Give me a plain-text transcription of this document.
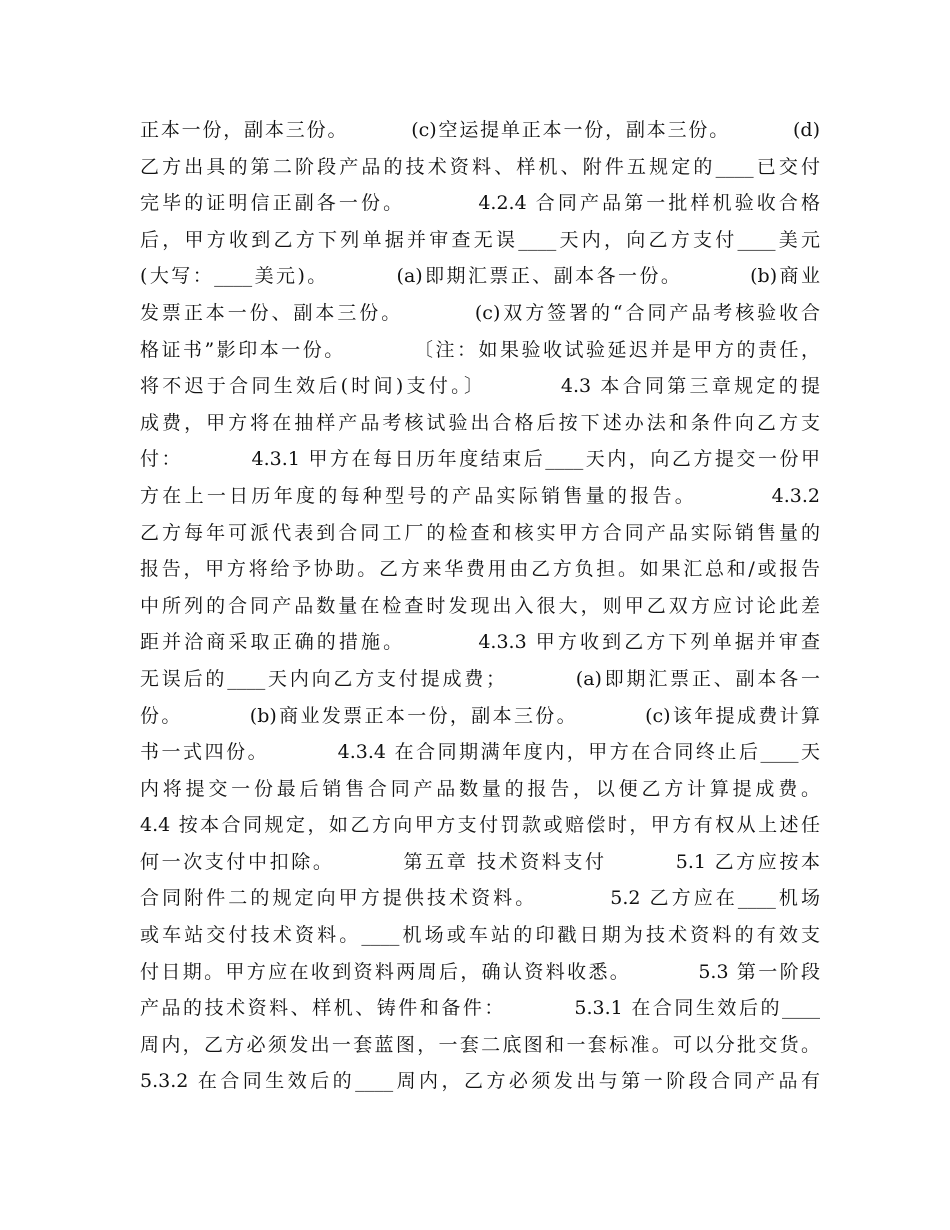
正本一份，副本三份。        (c)空运提单正本一份，副本三份。        (d)
乙方出具的第二阶段产品的技术资料、样机、附件五规定的____已交付
完毕的证明信正副各一份。        4.2.4 合同产品第一批样机验收合格
后，甲方收到乙方下列单据并审查无误____天内，向乙方支付____美元
(大写：____美元)。        (a)即期汇票正、副本各一份。        (b)商业
发票正本一份、副本三份。        (c)双方签署的“合同产品考核验收合
格证书”影印本一份。        〔注：如果验收试验延迟并是甲方的责任，
将不迟于合同生效后(时间)支付。〕        4.3 本合同第三章规定的提
成费，甲方将在抽样产品考核试验出合格后按下述办法和条件向乙方支
付：        4.3.1 甲方在每日历年度结束后____天内，向乙方提交一份甲
方在上一日历年度的每种型号的产品实际销售量的报告。        4.3.2
乙方每年可派代表到合同工厂的检查和核实甲方合同产品实际销售量的
报告，甲方将给予协助。乙方来华费用由乙方负担。如果汇总和/或报告
中所列的合同产品数量在检查时发现出入很大，则甲乙双方应讨论此差
距并洽商采取正确的措施。        4.3.3 甲方收到乙方下列单据并审查
无误后的____天内向乙方支付提成费；        (a)即期汇票正、副本各一
份。        (b)商业发票正本一份，副本三份。        (c)该年提成费计算
书一式四份。        4.3.4 在合同期满年度内，甲方在合同终止后____天
内将提交一份最后销售合同产品数量的报告，以便乙方计算提成费。
4.4 按本合同规定，如乙方向甲方支付罚款或赔偿时，甲方有权从上述任
何一次支付中扣除。        第五章 技术资料支付        5.1 乙方应按本
合同附件二的规定向甲方提供技术资料。        5.2 乙方应在____机场
或车站交付技术资料。____机场或车站的印戳日期为技术资料的有效支
付日期。甲方应在收到资料两周后，确认资料收悉。        5.3 第一阶段
产品的技术资料、样机、铸件和备件：        5.3.1 在合同生效后的____
周内，乙方必须发出一套蓝图，一套二底图和一套标准。可以分批交货。
5.3.2 在合同生效后的____周内，乙方必须发出与第一阶段合同产品有
